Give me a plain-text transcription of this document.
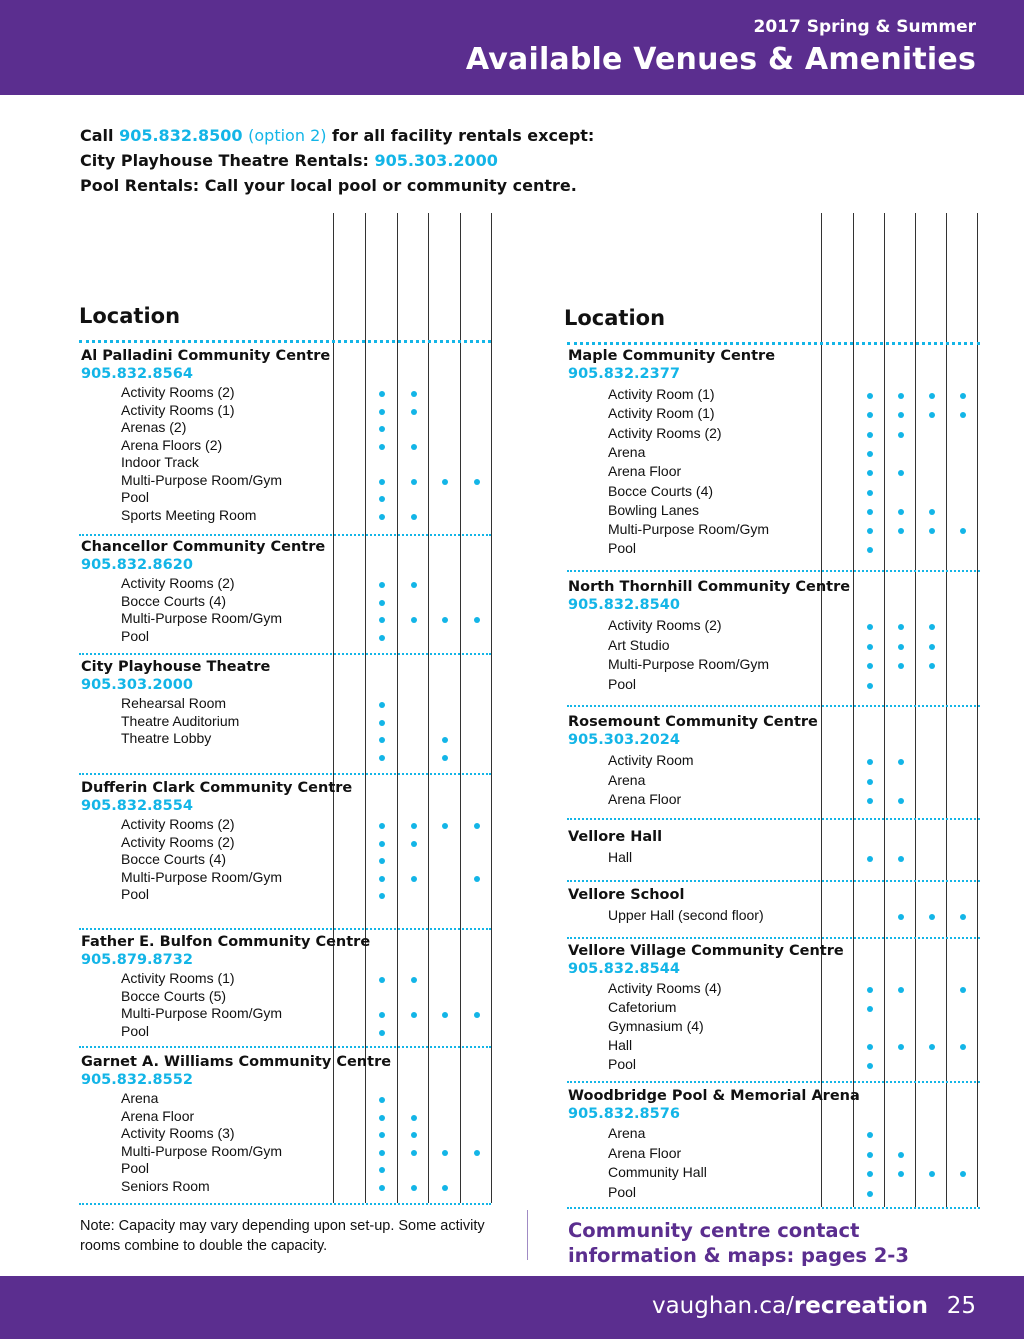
2017 Spring & Summer
Available Venues & Amenities
Call 905.832.8500 (option 2) for all facility rentals except:
City Playhouse Theatre Rentals: 905.303.2000
Pool Rentals: Call your local pool or community centre.
Location
Al Palladini Community Centre
905.832.8564
Activity Rooms (2)
Activity Rooms (1)
Arenas (2)
Arena Floors (2)
Indoor Track
Multi-Purpose Room/Gym
Pool
Sports Meeting Room
Chancellor Community Centre
905.832.8620
Activity Rooms (2)
Bocce Courts (4)
Multi-Purpose Room/Gym
Pool
City Playhouse Theatre
905.303.2000
Rehearsal Room
Theatre Auditorium
Theatre Lobby
Dufferin Clark Community Centre
905.832.8554
Activity Rooms (2)
Activity Rooms (2)
Bocce Courts (4)
Multi-Purpose Room/Gym
Pool
Father E. Bulfon Community Centre
905.879.8732
Activity Rooms (1)
Bocce Courts (5)
Multi-Purpose Room/Gym
Pool
Garnet A. Williams Community Centre
905.832.8552
Arena
Arena Floor
Activity Rooms (3)
Multi-Purpose Room/Gym
Pool
Seniors Room
Location
Maple Community Centre
905.832.2377
Activity Room (1)
Activity Room (1)
Activity Rooms (2)
Arena
Arena Floor
Bocce Courts (4)
Bowling Lanes
Multi-Purpose Room/Gym
Pool
North Thornhill Community Centre
905.832.8540
Activity Rooms (2)
Art Studio
Multi-Purpose Room/Gym
Pool
Rosemount Community Centre
905.303.2024
Activity Room
Arena
Arena Floor
Vellore Hall
Hall
Vellore School
Upper Hall (second floor)
Vellore Village Community Centre
905.832.8544
Activity Rooms (4)
Cafetorium
Gymnasium (4)
Hall
Pool
Woodbridge Pool & Memorial Arena
905.832.8576
Arena
Arena Floor
Community Hall
Pool
Note: Capacity may vary depending upon set-up. Some activity rooms combine to double the capacity.
Community centre contact
information & maps: pages 2-3
vaughan.ca/recreation 25
